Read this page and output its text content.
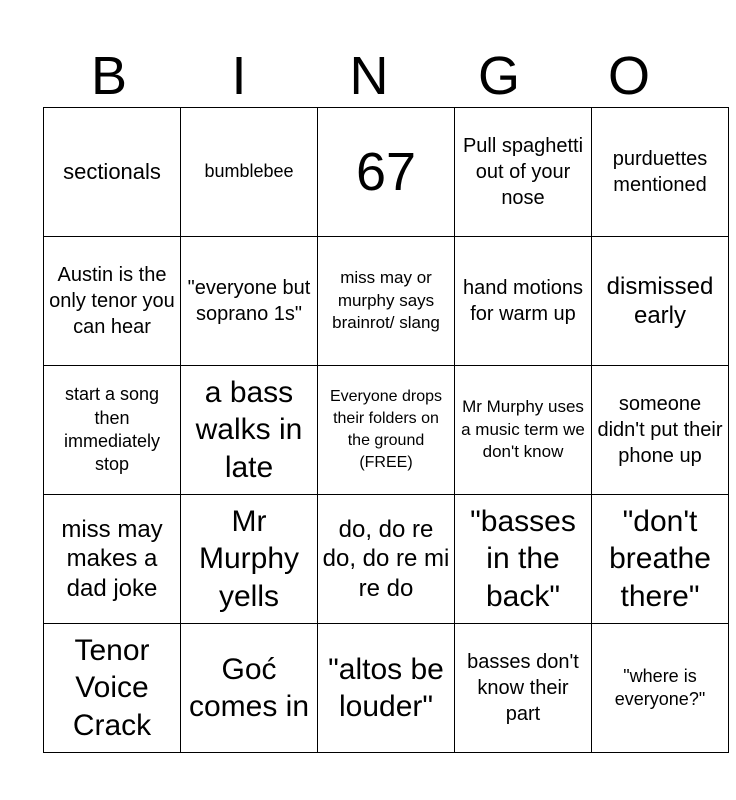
B	I	N	G	O
sectionals	bumblebee	67	Pull spaghetti out of your nose	purduettes mentioned
Austin is the only tenor you can hear	"everyone but soprano 1s"	miss may or murphy says brainrot/ slang	hand motions for warm up	dismissed early
start a song then immediately stop	a bass walks in late	Everyone drops their folders on the ground (FREE)	Mr Murphy uses a music term we don't know	someone didn't put their phone up
miss may makes a dad joke	Mr Murphy yells	do, do re do, do re mi re do	"basses in the back"	"don't breathe there"
Tenor Voice Crack	Goć comes in	"altos be louder"	basses don't know their part	"where is everyone?"
